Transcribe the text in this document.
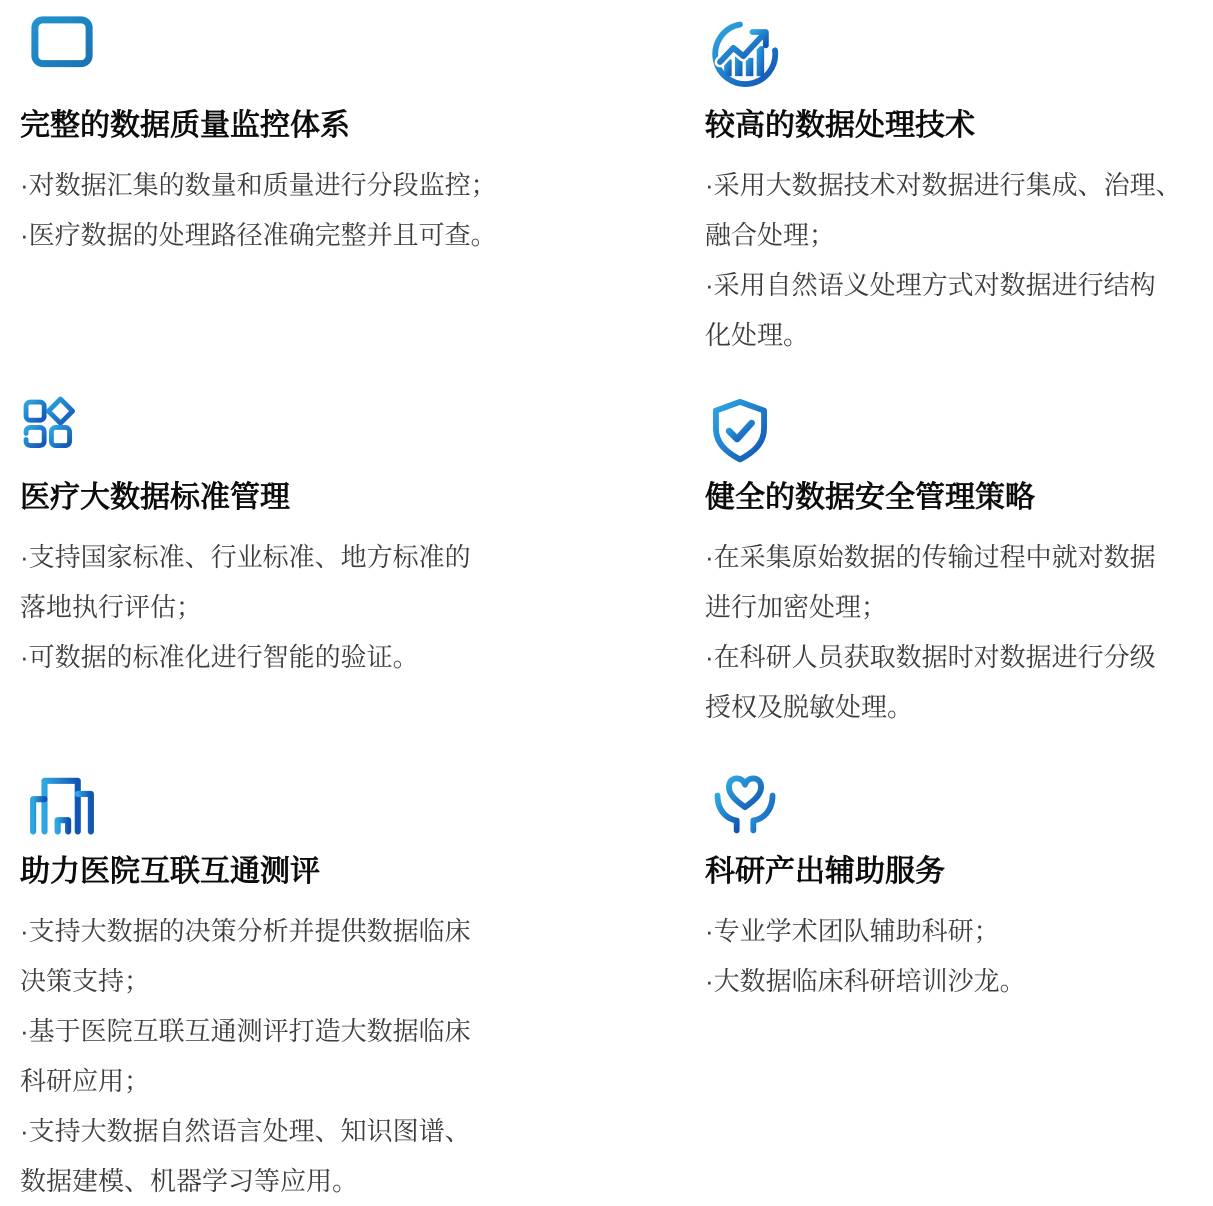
完整的数据质量监控体系
·对数据汇集的数量和质量进行分段监控；
·医疗数据的处理路径准确完整并且可查。
较高的数据处理技术
·采用大数据技术对数据进行集成、治理、
融合处理；
·采用自然语义处理方式对数据进行结构
化处理。
医疗大数据标准管理
·支持国家标准、行业标准、地方标准的
落地执行评估；
·可数据的标准化进行智能的验证。
健全的数据安全管理策略
·在采集原始数据的传输过程中就对数据
进行加密处理；
·在科研人员获取数据时对数据进行分级
授权及脱敏处理。
助力医院互联互通测评
·支持大数据的决策分析并提供数据临床
决策支持；
·基于医院互联互通测评打造大数据临床
科研应用；
·支持大数据自然语言处理、知识图谱、
数据建模、机器学习等应用。
科研产出辅助服务
·专业学术团队辅助科研；
·大数据临床科研培训沙龙。
